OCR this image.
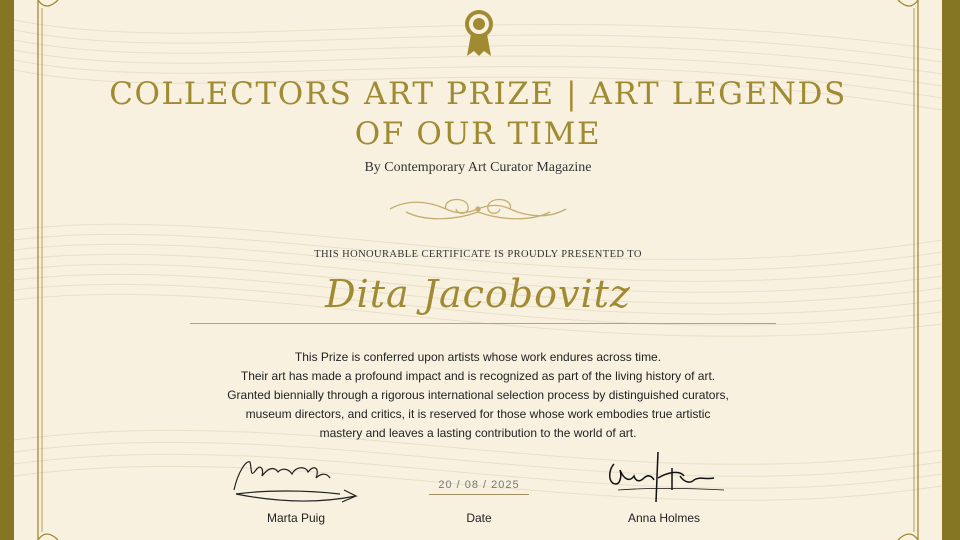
COLLECTORS ART PRIZE | ART LEGENDS
OF OUR TIME
By Contemporary Art Curator Magazine
THIS HONOURABLE CERTIFICATE IS PROUDLY PRESENTED TO
Dita Jacobovitz
This Prize is conferred upon artists whose work endures across time.
Their art has made a profound impact and is recognized as part of the living history of art.
Granted biennially through a rigorous international selection process by distinguished curators,
museum directors, and critics, it is reserved for those whose work embodies true artistic
mastery and leaves a lasting contribution to the world of art.
Marta Puig
20 / 08 / 2025
Date	Anna Holmes
